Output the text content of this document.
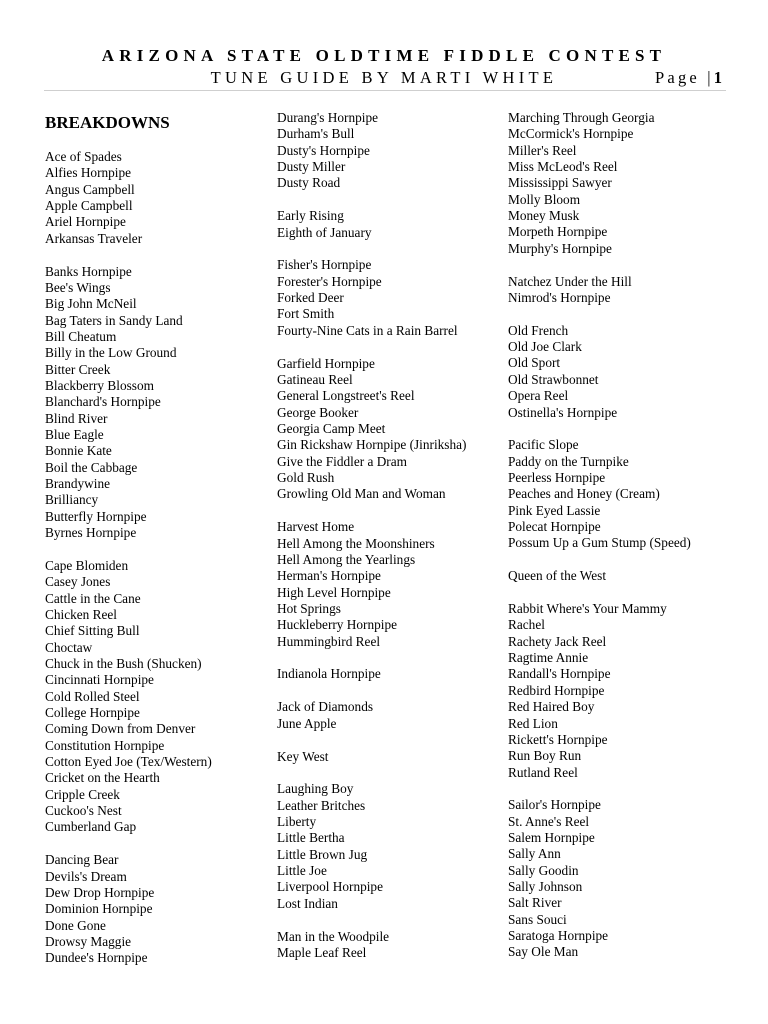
ARIZONA STATE OLDTIME FIDDLE CONTEST
TUNE GUIDE BY MARTI WHITE	Page |1
BREAKDOWNS
Ace of Spades
Alfies Hornpipe
Angus Campbell
Apple Campbell
Ariel Hornpipe
Arkansas Traveler
Banks Hornpipe
Bee's Wings
Big John McNeil
Bag Taters in Sandy Land
Bill Cheatum
Billy in the Low Ground
Bitter Creek
Blackberry Blossom
Blanchard's Hornpipe
Blind River
Blue Eagle
Bonnie Kate
Boil the Cabbage
Brandywine
Brilliancy
Butterfly Hornpipe
Byrnes Hornpipe
Cape Blomiden
Casey Jones
Cattle in the Cane
Chicken Reel
Chief Sitting Bull
Choctaw
Chuck in the Bush (Shucken)
Cincinnati Hornpipe
Cold Rolled Steel
College Hornpipe
Coming Down from Denver
Constitution Hornpipe
Cotton Eyed Joe (Tex/Western)
Cricket on the Hearth
Cripple Creek
Cuckoo's Nest
Cumberland Gap
Dancing Bear
Devils's Dream
Dew Drop Hornpipe
Dominion Hornpipe
Done Gone
Drowsy Maggie
Dundee's Hornpipe
Durang's Hornpipe
Durham's Bull
Dusty's Hornpipe
Dusty Miller
Dusty Road
Early Rising
Eighth of January
Fisher's Hornpipe
Forester's Hornpipe
Forked Deer
Fort Smith
Fourty-Nine Cats in a Rain Barrel
Garfield Hornpipe
Gatineau Reel
General Longstreet's Reel
George Booker
Georgia Camp Meet
Gin Rickshaw Hornpipe (Jinriksha)
Give the Fiddler a Dram
Gold Rush
Growling Old Man and Woman
Harvest Home
Hell Among the Moonshiners
Hell Among the Yearlings
Herman's Hornpipe
High Level Hornpipe
Hot Springs
Huckleberry Hornpipe
Hummingbird Reel
Indianola Hornpipe
Jack of Diamonds
June Apple
Key West
Laughing Boy
Leather Britches
Liberty
Little Bertha
Little Brown Jug
Little Joe
Liverpool Hornpipe
Lost Indian
Man in the Woodpile
Maple Leaf Reel
Marching Through Georgia
McCormick's Hornpipe
Miller's Reel
Miss McLeod's Reel
Mississippi Sawyer
Molly Bloom
Money Musk
Morpeth Hornpipe
Murphy's Hornpipe
Natchez Under the Hill
Nimrod's Hornpipe
Old French
Old Joe Clark
Old Sport
Old Strawbonnet
Opera Reel
Ostinella's Hornpipe
Pacific Slope
Paddy on the Turnpike
Peerless Hornpipe
Peaches and Honey (Cream)
Pink Eyed Lassie
Polecat Hornpipe
Possum Up a Gum Stump (Speed)
Queen of the West
Rabbit Where's Your Mammy
Rachel
Rachety Jack Reel
Ragtime Annie
Randall's Hornpipe
Redbird Hornpipe
Red Haired Boy
Red Lion
Rickett's Hornpipe
Run Boy Run
Rutland Reel
Sailor's Hornpipe
St. Anne's Reel
Salem Hornpipe
Sally Ann
Sally Goodin
Sally Johnson
Salt River
Sans Souci
Saratoga Hornpipe
Say Ole Man
